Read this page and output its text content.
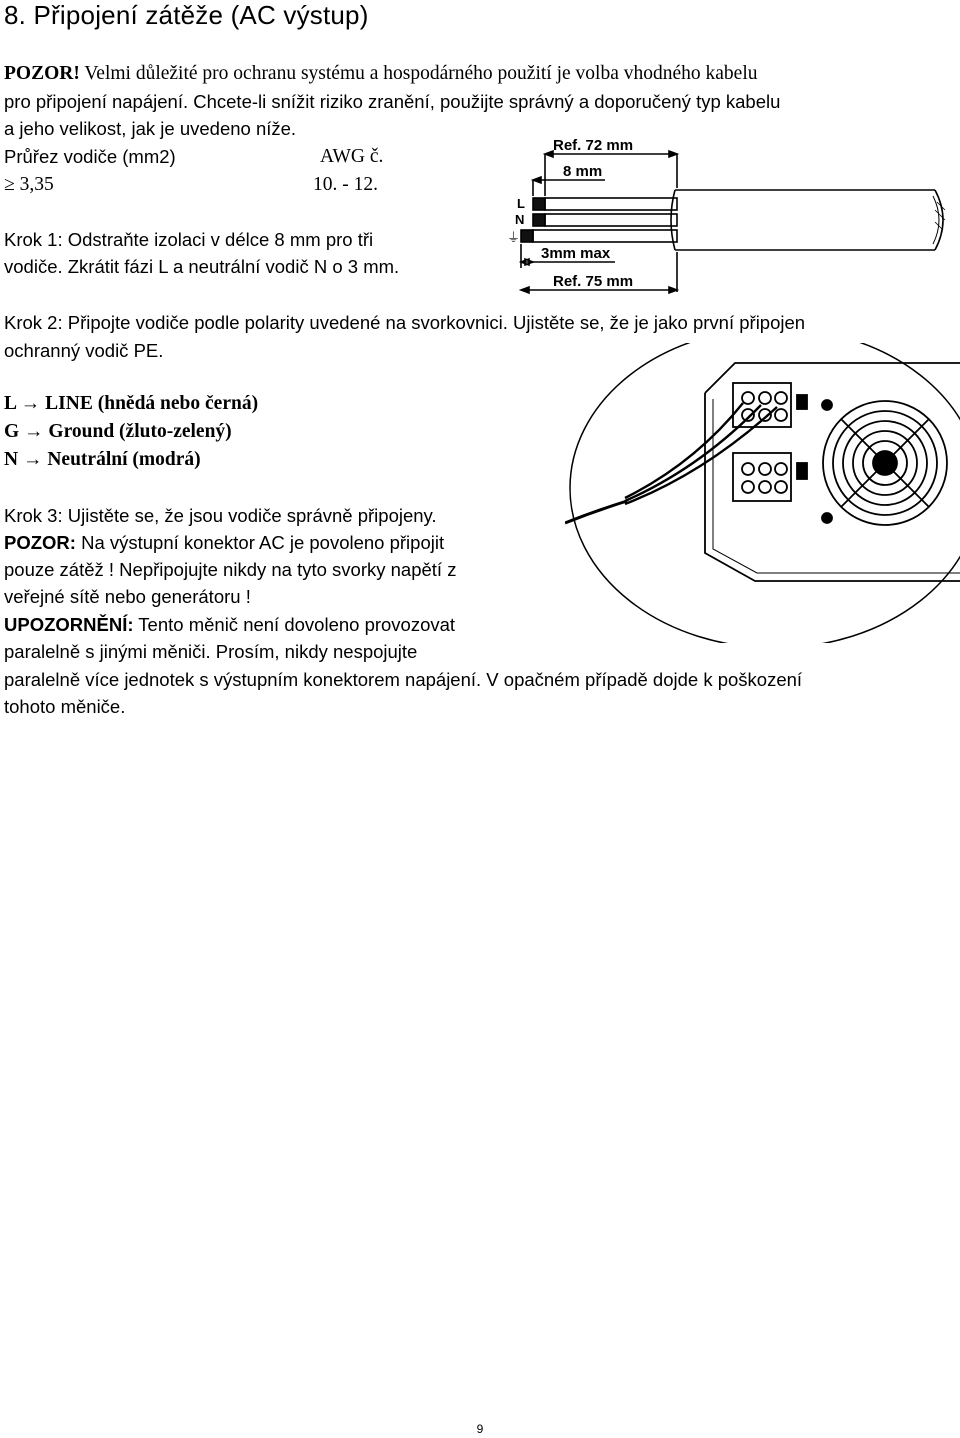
8. Připojení zátěže (AC výstup)
POZOR! Velmi důležité pro ochranu systému a hospodárného použití je volba vhodného kabelu
pro připojení napájení. Chcete-li snížit riziko zranění, použijte správný a doporučený typ kabelu
a jeho velikost, jak je uvedeno níže.
Průřez vodiče (mm2)	AWG č.
≥ 3,35	10. - 12.
Krok 1: Odstraňte izolaci v délce 8 mm pro tři
vodiče. Zkrátit fázi L a neutrální vodič N o 3 mm.
Ref. 72 mm
8 mm
3mm max
Ref. 75 mm
L
N
⏚
Krok 2: Připojte vodiče podle polarity uvedené na svorkovnici. Ujistěte se, že je jako první připojen
ochranný vodič PE.
L → LINE (hnědá nebo černá)
G → Ground (žluto-zelený)
N → Neutrální (modrá)
Krok 3: Ujistěte se, že jsou vodiče správně připojeny.
POZOR: Na výstupní konektor AC je povoleno připojit
pouze zátěž ! Nepřipojujte nikdy na tyto svorky napětí z
veřejné sítě nebo generátoru !
UPOZORNĚNÍ: Tento měnič není dovoleno provozovat
paralelně s jinými měniči. Prosím, nikdy nespojujte
paralelně více jednotek s výstupním konektorem napájení. V opačném případě dojde k poškození
tohoto měniče.
9
